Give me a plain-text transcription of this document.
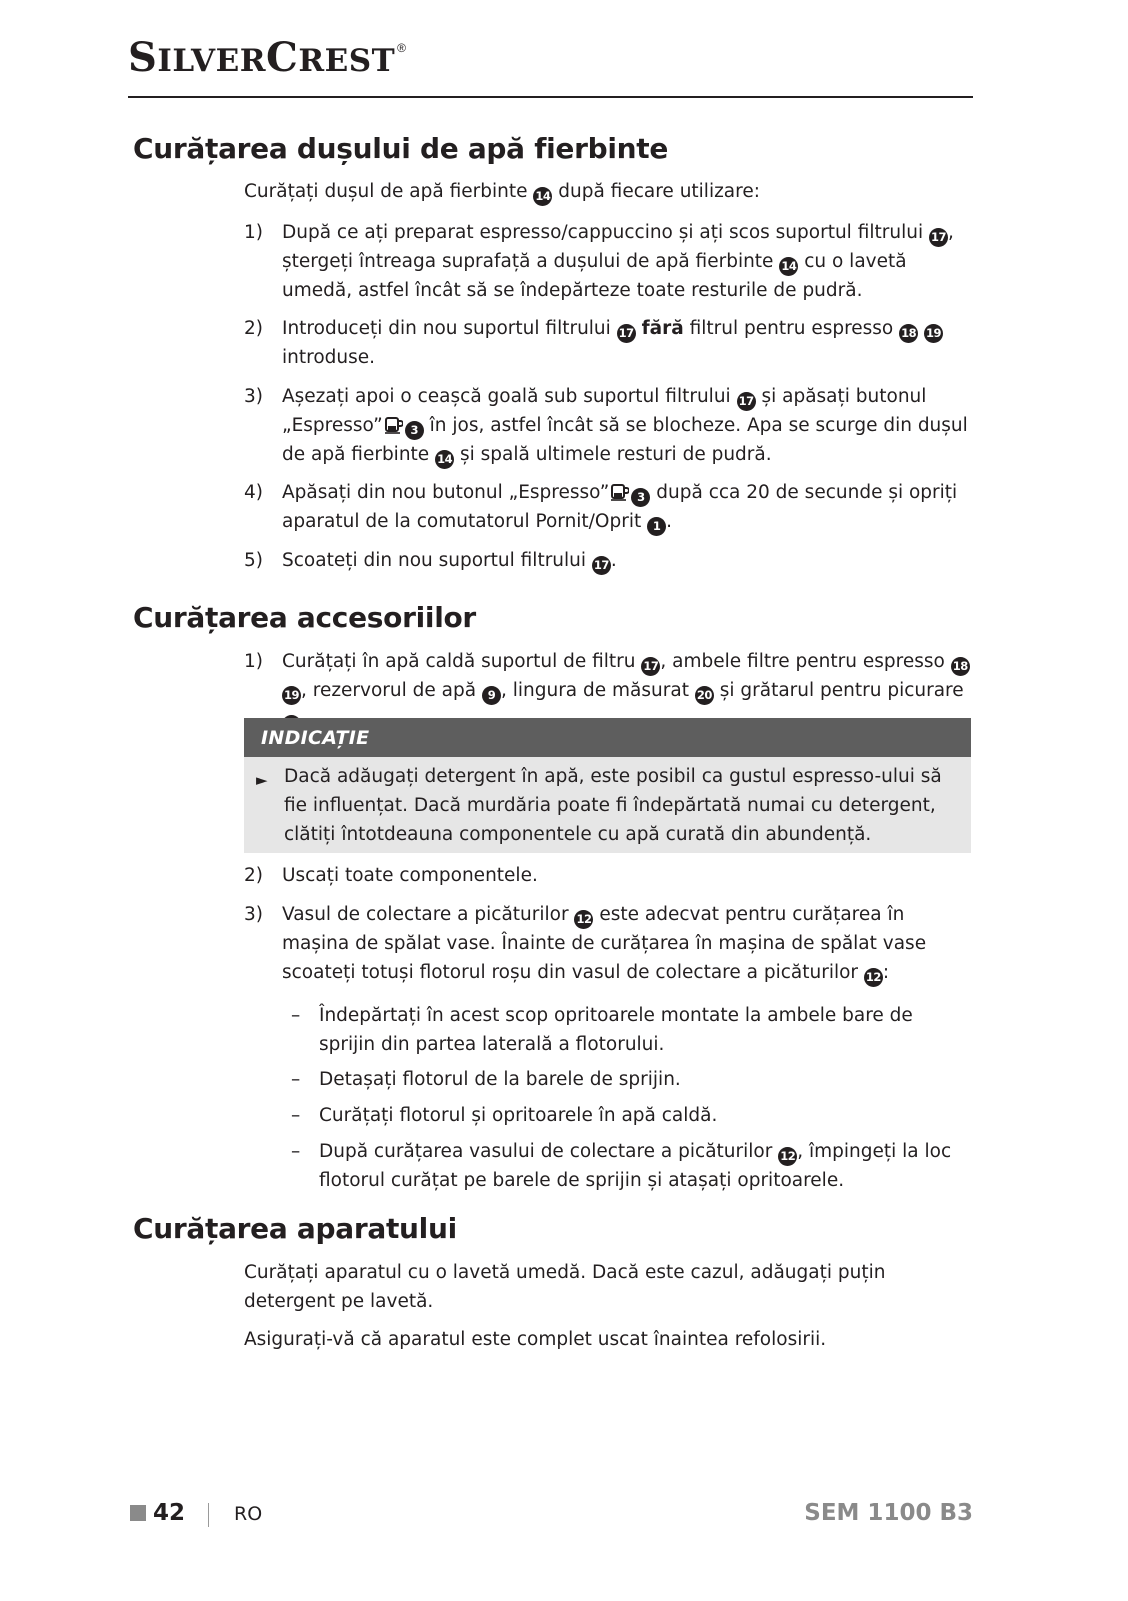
SILVERCREST ®
Curățarea dușului de apă fierbinte

Curățați dușul de apă fierbinte 14 după fiecare utilizare:

1) După ce ați preparat espresso/cappuccino și ați scos suportul filtrului 17 , ștergeți întreaga suprafață a dușului de apă fierbinte 14 cu o lavetă umedă, astfel încât să se îndepărteze toate resturile de pudră.
2) Introduceți din nou suportul filtrului 17 fără filtrul pentru espresso 18 19 introduse.
3) Așezați apoi o ceașcă goală sub suportul filtrului 17 și apăsați butonul „Espresso” 3 în jos, astfel încât să se blocheze. Apa se scurge din dușul de apă fierbinte 14 și spală ultimele resturi de pudră.
4) Apăsați din nou butonul „Espresso” 3 după cca 20 de secunde și opriți aparatul de la comutatorul Pornit/Oprit 1 .
5) Scoateți din nou suportul filtrului 17 .
Curățarea accesoriilor
1) Curățați în apă caldă suportul de filtru 17 , ambele filtre pentru espresso 18 19 , rezervorul de apă 9 , lingura de măsurat 20 și grătarul pentru picurare
INDICAȚIE
► Dacă adăugați detergent în apă, este posibil ca gustul espresso-ului să fie influențat. Dacă murdăria poate fi îndepărtată numai cu detergent, clătiți întotdeauna componentele cu apă curată din abundență.
2) Uscați toate componentele.
3) Vasul de colectare a picăturilor 12 este adecvat pentru curățarea în mașina de spălat vase. Înainte de curățarea în mașina de spălat vase scoateți totuși flotorul roșu din vasul de colectare a picăturilor 12 :
– Îndepărtați în acest scop opritoarele montate la ambele bare de sprijin din partea laterală a flotorului.
– Detașați flotorul de la barele de sprijin.
– Curățați flotorul și opritoarele în apă caldă.
– După curățarea vasului de colectare a picăturilor 12 , împingeți la loc flotorul curățat pe barele de sprijin și atașați opritoarele.
Curățarea aparatului

Curățați aparatul cu o lavetă umedă. Dacă este cazul, adăugați puțin detergent pe lavetă.

Asigurați-vă că aparatul este complet uscat înaintea refolosirii.

42	RO	SEM 1100 B3
